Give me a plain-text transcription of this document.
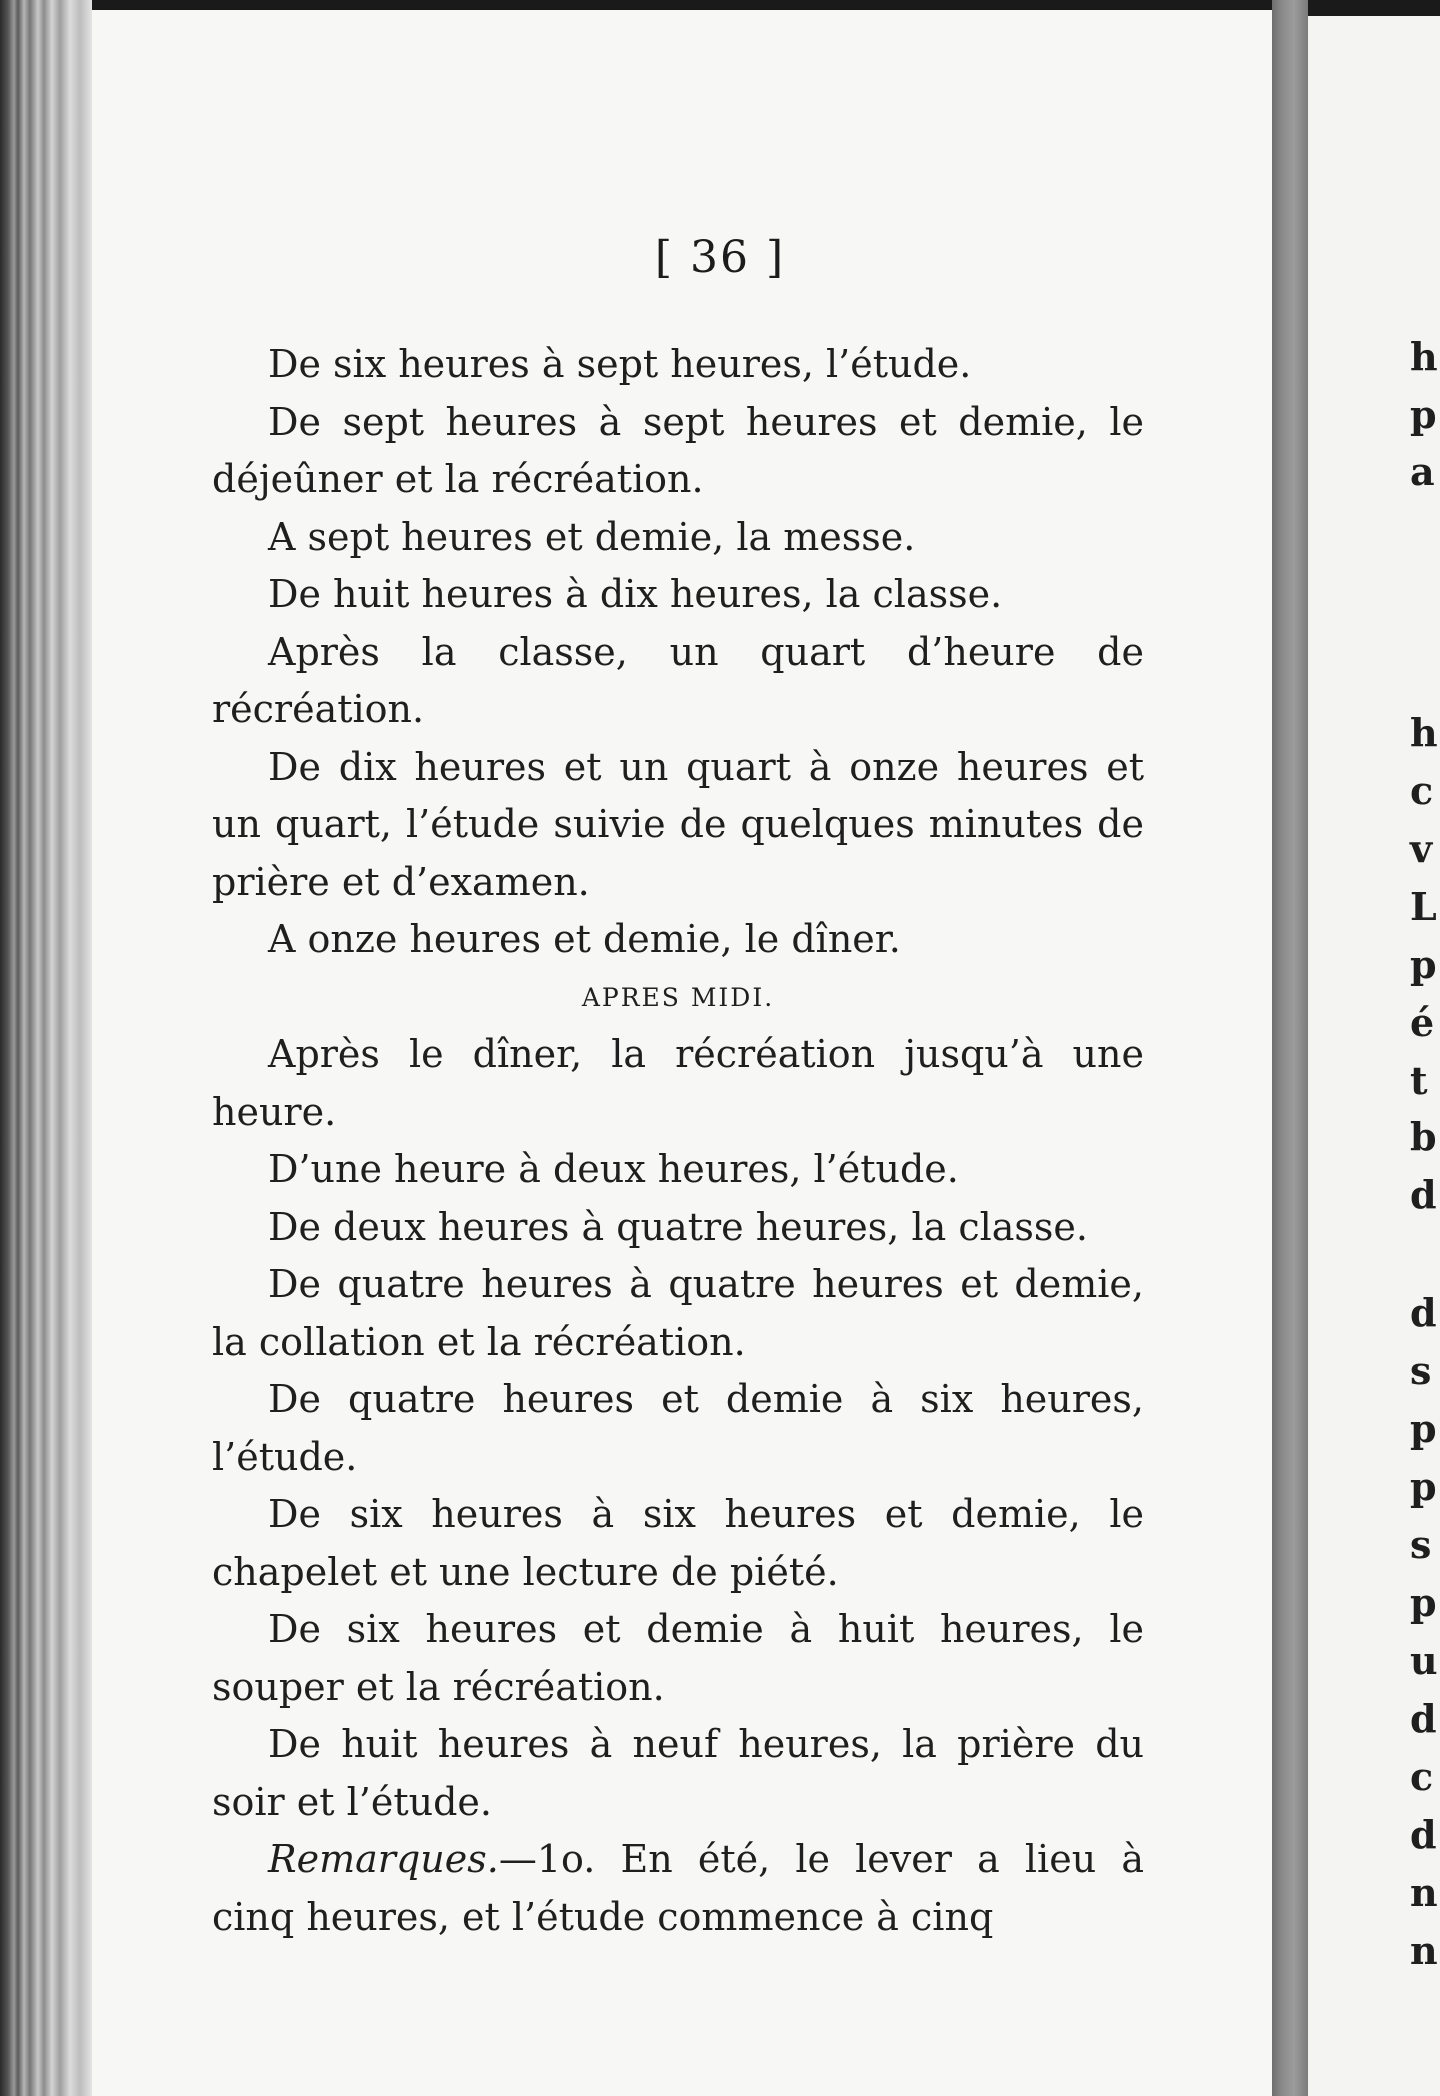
[ 36 ]

De six heures à sept heures, l’étude.

De sept heures à sept heures et demie, le déjeûner et la récréation.

A sept heures et demie, la messe.

De huit heures à dix heures, la classe.

Après la classe, un quart d’heure de récréation.

De dix heures et un quart à onze heures et un quart, l’étude suivie de quelques minutes de prière et d’examen.

A onze heures et demie, le dîner.

APRES MIDI.

Après le dîner, la récréation jusqu’à une heure.

D’une heure à deux heures, l’étude.

De deux heures à quatre heures, la classe.

De quatre heures à quatre heures et demie, la collation et la récréation.

De quatre heures et demie à six heures, l’étude.

De six heures à six heures et demie, le chapelet et une lecture de piété.

De six heures et demie à huit heures, le souper et la récréation.

De huit heures à neuf heures, la prière du soir et l’étude.

Remarques.—1o. En été, le lever a lieu à cinq heures, et l’étude commence à cinq

h
p
a
h
c
v
L
p
é
t
b
d
d
s
p
p
s
p
u
d
c
d
n
n
